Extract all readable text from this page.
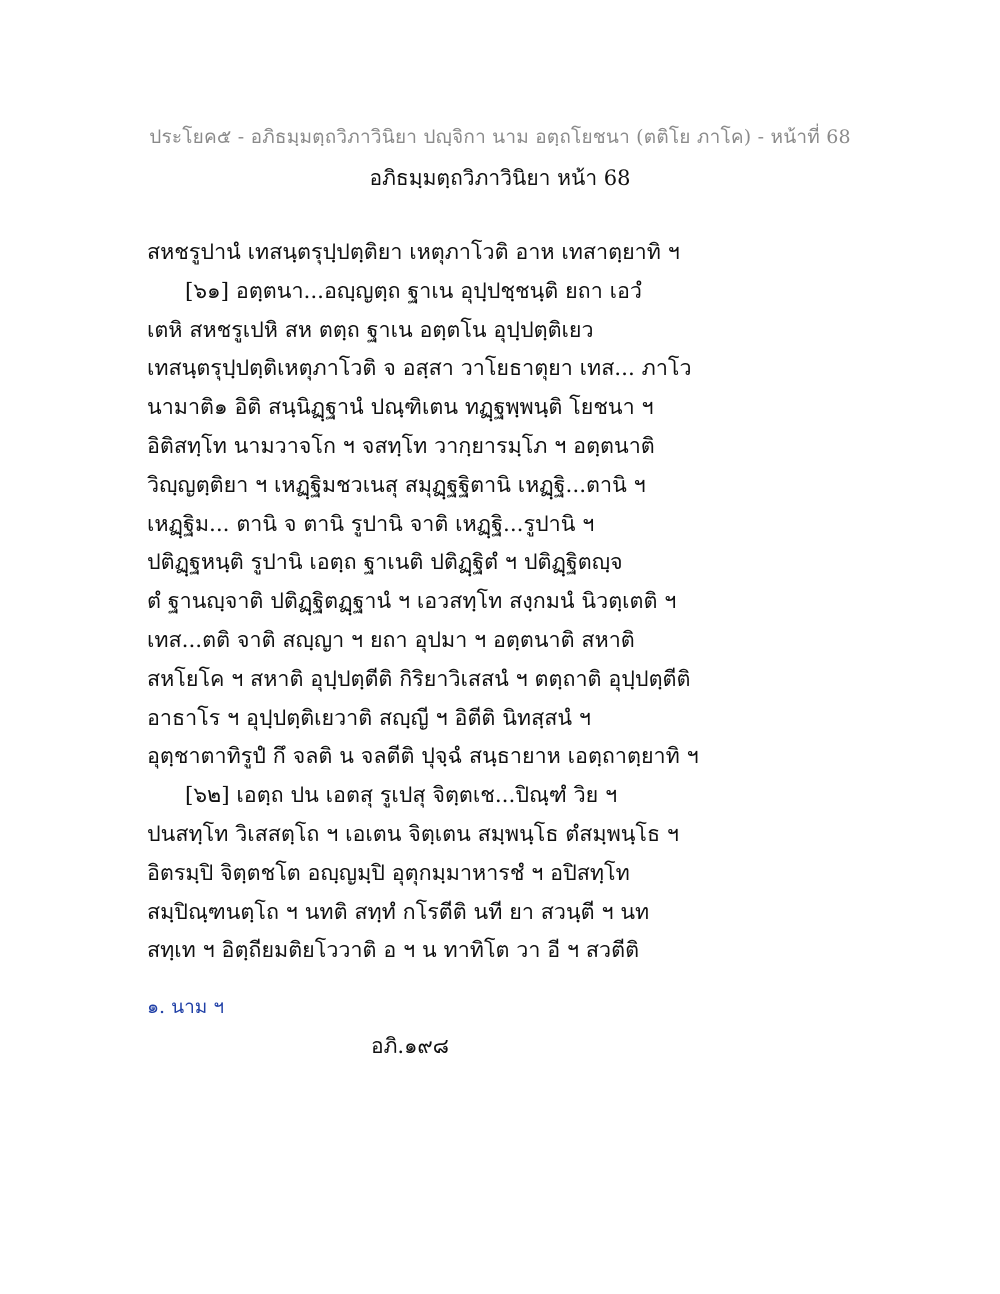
ประโยค๕ - อภิธมฺมตฺถวิภาวินิยา ปญฺจิกา นาม อตฺถโยชนา (ตติโย ภาโค) - หน้าที่ 68
อภิธมฺมตฺถวิภาวินิยา หน้า 68
สหชรูปานํ เทสนฺตรุปฺปตฺติยา เหตุภาโวติ อาห เทสาตฺยาทิ ฯ
[๖๑] อตฺตนา...อญฺญตฺถ ฐาเน อุปฺปชฺชนฺติ ยถา เอวํ
เตหิ สหชรูเปหิ สห ตตฺถ ฐาเน อตฺตโน อุปฺปตฺติเยว
เทสนฺตรุปฺปตฺติเหตุภาโวติ จ อสฺสา วาโยธาตุยา เทส... ภาโว
นามาติ๑ อิติ สนฺนิฏฺฐานํ ปณฺฑิเตน ทฏฺฐพฺพนฺติ โยชนา ฯ
อิติสทฺโท นามวาจโก ฯ จสทฺโท วากฺยารมฺโภ ฯ อตฺตนาติ
วิญฺญตฺติยา ฯ เหฏฺฐิมชวเนสุ สมุฏฺฐฐิตานิ เหฏฺฐิ...ตานิ ฯ
เหฏฺฐิม... ตานิ จ ตานิ รูปานิ จาติ เหฏฺฐิ...รูปานิ ฯ
ปติฏฺฐหนฺติ รูปานิ เอตฺถ ฐาเนติ ปติฏฺฐิตํ ฯ ปติฏฺฐิตญฺจ
ตํ ฐานญฺจาติ ปติฏฺฐิตฏฺฐานํ ฯ เอวสทฺโท สงฺกมนํ นิวตฺเตติ ฯ
เทส...ตติ จาติ สญฺญา ฯ ยถา อุปมา ฯ อตฺตนาติ สหาติ
สหโยโค ฯ สหาติ อุปฺปตฺตีติ กิริยาวิเสสนํ ฯ ตตฺถาติ อุปฺปตฺตีติ
อาธาโร ฯ อุปฺปตฺติเยวาติ สญฺญี ฯ อิตีติ นิทสฺสนํ ฯ
อุตฺชาตาทิรูปํ กึ จลติ น จลตีติ ปุจฺฉํ สนฺธายาห เอตฺถาตฺยาทิ ฯ
[๖๒] เอตฺถ ปน เอตสุ รูเปสุ จิตฺตเช...ปิณฺฑํ วิย ฯ
ปนสทฺโท วิเสสตฺโถ ฯ เอเตน จิตฺเตน สมฺพนฺโธ ตํสมฺพนฺโธ ฯ
อิตรมฺปิ จิตฺตชโต อญฺญมฺปิ อุตุกมฺมาหารชํ ฯ อปิสทฺโท
สมฺปิณฺฑนตฺโถ ฯ นทติ สทฺทํ กโรตีติ นที ยา สวนฺตี ฯ นท
สทฺเท ฯ อิตฺถียมติยโววาติ อ ฯ น ทาทิโต วา อี ฯ สวตีติ
๑. นาม ฯ
อภิ.๑๙๘
